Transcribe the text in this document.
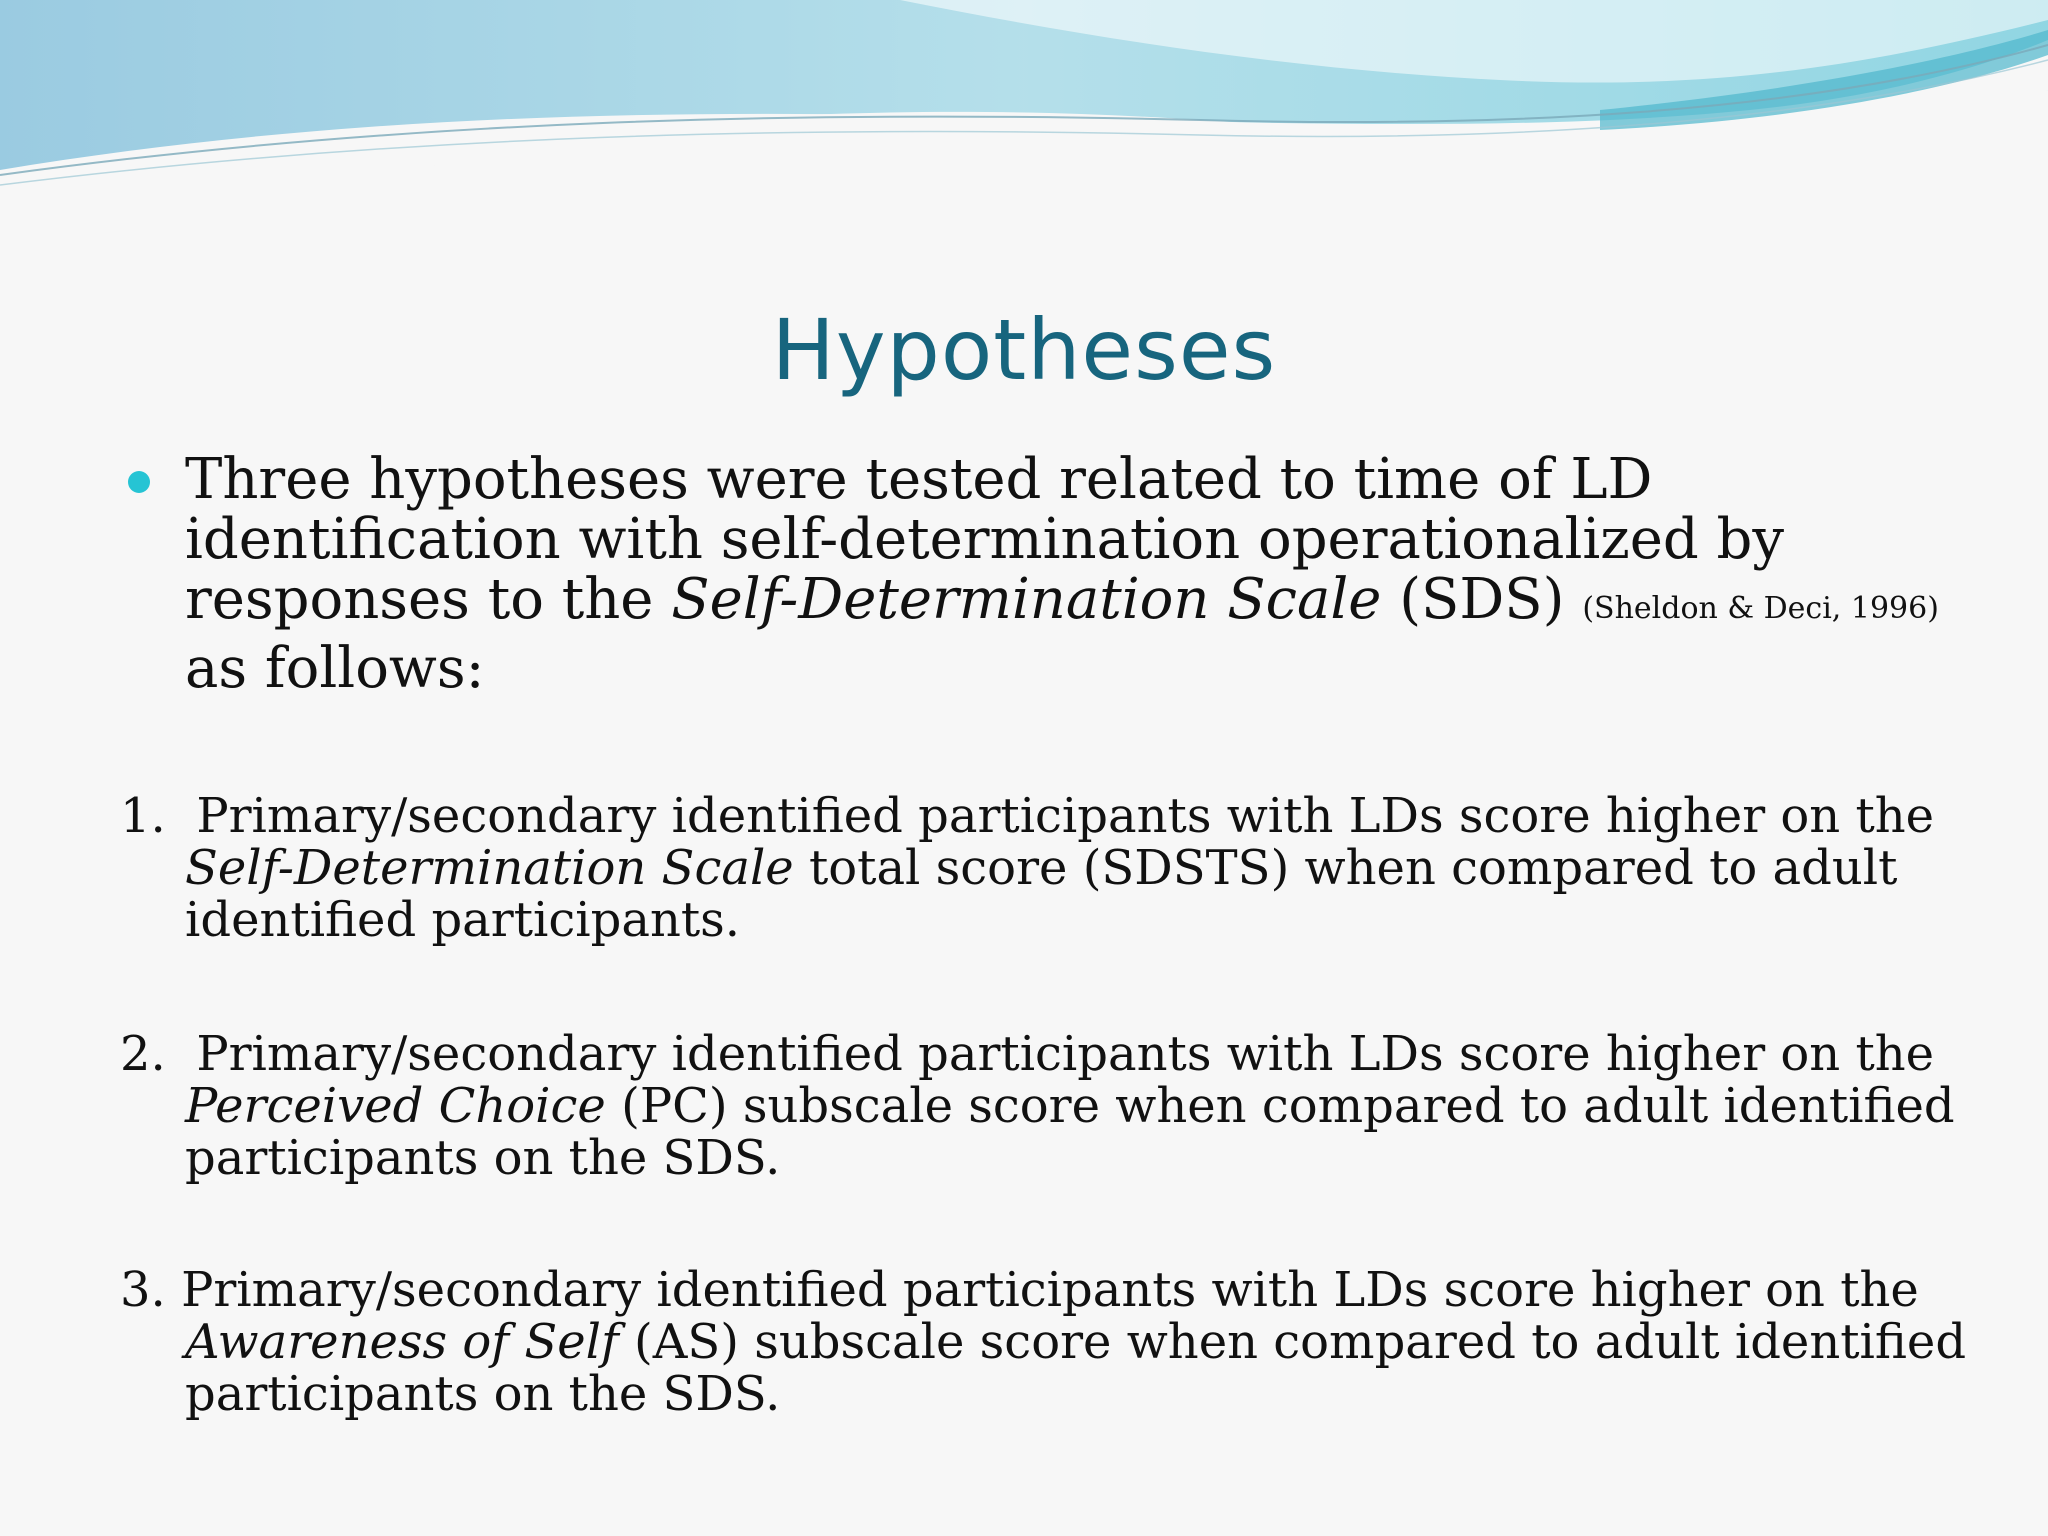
Hypotheses
Three hypotheses were tested related to time of LD identification with self-determination operationalized by responses to the Self-Determination Scale (SDS) (Sheldon & Deci, 1996) as follows:
1. Primary/secondary identified participants with LDs score higher on the
Self-Determination Scale total score (SDSTS) when compared to adult
identified participants.
2. Primary/secondary identified participants with LDs score higher on the
Perceived Choice (PC) subscale score when compared to adult identified
participants on the SDS.
3. Primary/secondary identified participants with LDs score higher on the
Awareness of Self (AS) subscale score when compared to adult identified
participants on the SDS.
